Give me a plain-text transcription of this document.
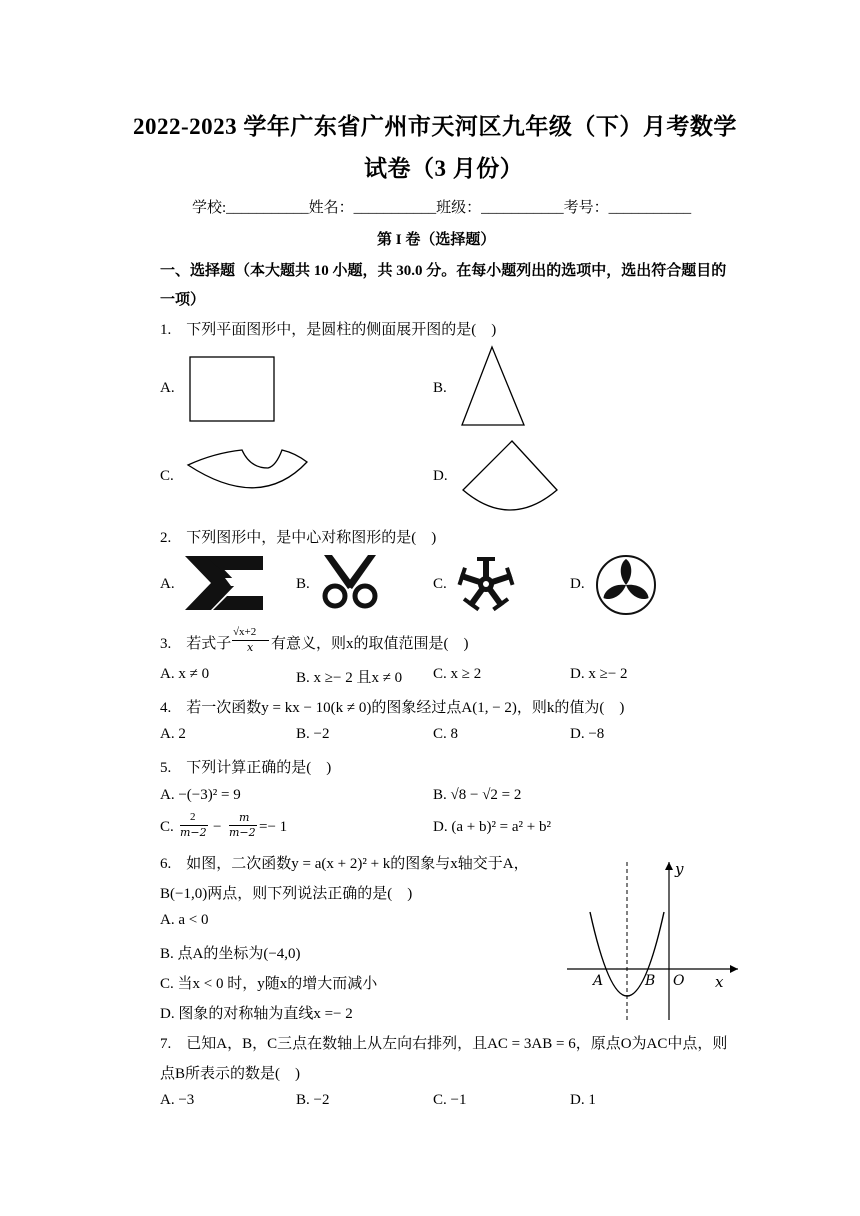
2022-2023 学年广东省广州市天河区九年级（下）月考数学
试卷（3 月份）
学校:___________姓名：___________班级：___________考号：___________
第 I 卷（选择题）
一、选择题（本大题共 10 小题，共 30.0 分。在每小题列出的选项中，选出符合题目的
一项）
1.　下列平面图形中，是圆柱的侧面展开图的是(　)
A.	B.
C.	D.
2.　下列图形中，是中心对称图形的是(　)
A.	B.	C.	D.
3.　若式子
√x+2
x 有意义，则x的取值范围是(　)
A. x ≠ 0	B. x ≥− 2 且x ≠ 0 C. x ≥ 2	D. x ≥− 2
4.　若一次函数y = kx − 10(k ≠ 0)的图象经过点A(1, − 2)，则k的值为(　)
A. 2	B. −2	C. 8	D. −8
5.　下列计算正确的是(　)
A. −(−3)² = 9	B. √8 − √2 = 2
C.
2
m−2 −
m
m−2 =− 1	D. (a + b)² = a² + b²
6.　如图，二次函数y = a(x + 2)² + k的图象与x轴交于A，
B(−1,0)两点，则下列说法正确的是(　)
A. a < 0
B. 点A的坐标为(−4,0)
C. 当x < 0 时，y随x的增大而减小
D. 图象的对称轴为直线x =− 2
y
x
A	B O
7.　已知A，B，C三点在数轴上从左向右排列，且AC = 3AB = 6，原点O为AC中点，则
点B所表示的数是(　)
A. −3	B. −2	C. −1	D. 1
